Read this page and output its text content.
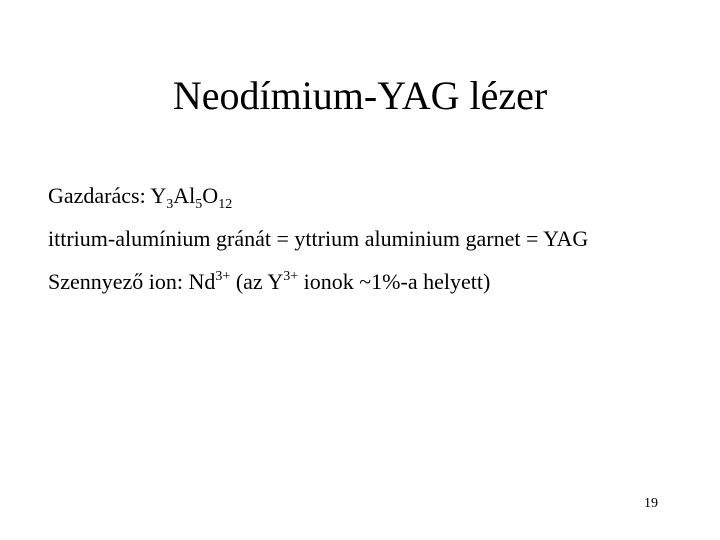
Neodímium-YAG lézer
Gazdarács: $Y_3Al_5O_{12}$
ittrium-alumínium gránát = yttrium aluminium garnet = YAG
Szennyező ion: $Nd^{3+}$ (az $Y^{3+}$ ionok ~1%-a helyett)
19
